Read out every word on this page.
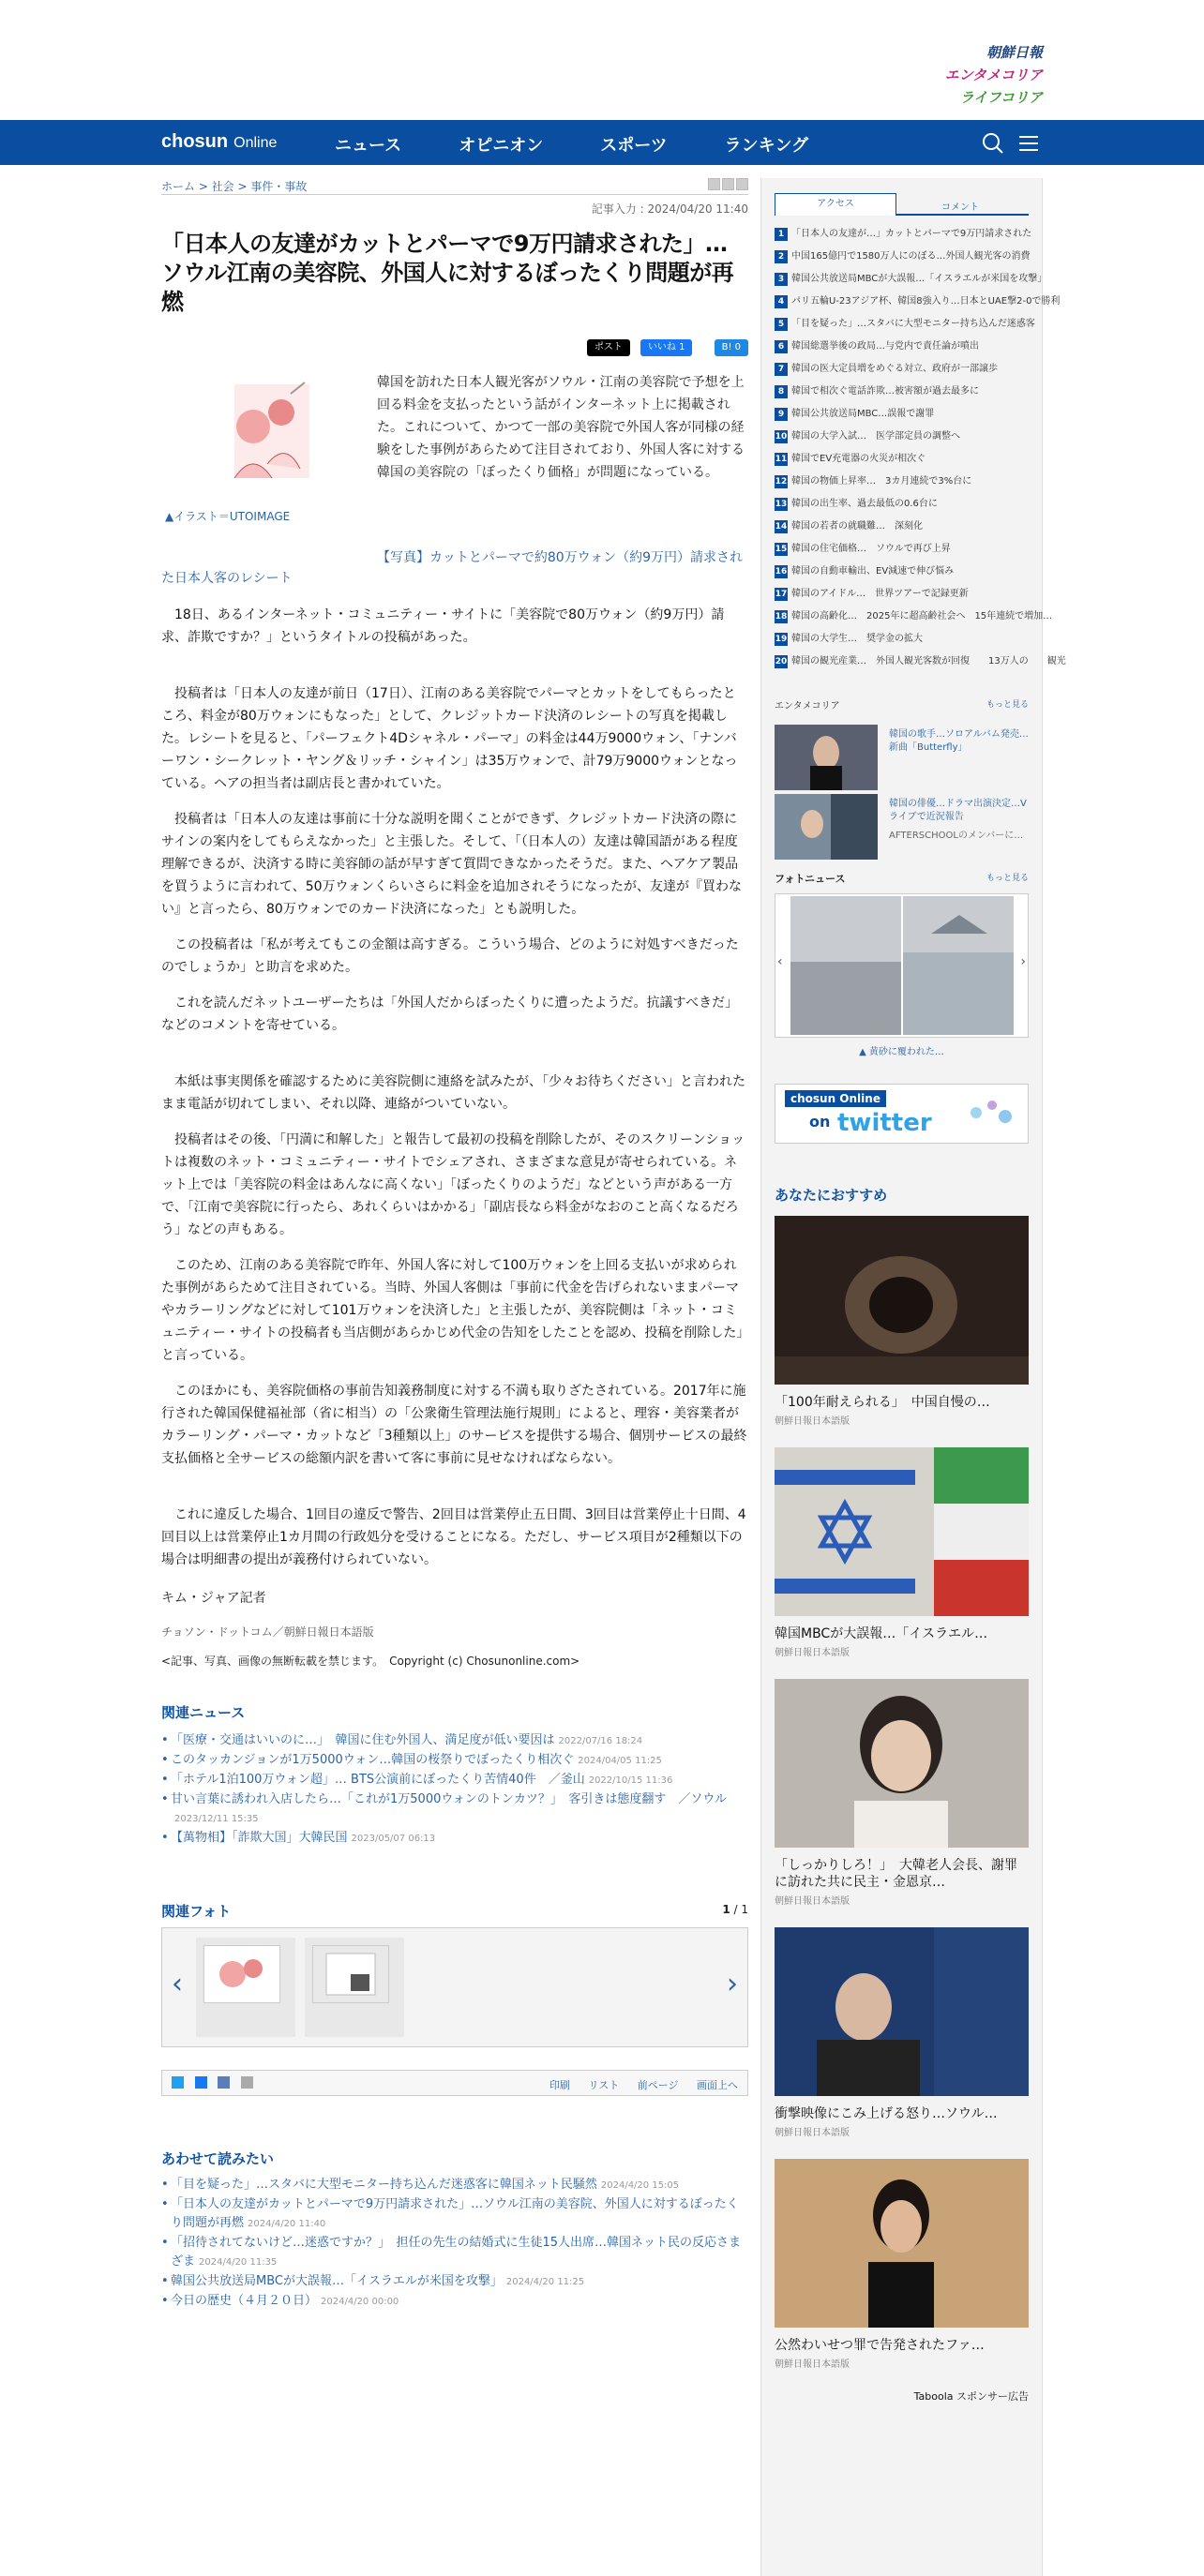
朝鮮日報
エンタメコリア
ライフコリア
chosun Online	ニュース	オピニオン	スポーツ	ランキング
ホーム > 社会 > 事件・事故
記事入力 : 2024/04/20 11:40
「日本人の友達がカットとパーマで9万円請求された」…ソウル江南の美容院、外国人に対するぼったくり問題が再燃
ポスト	いいね 1	B! 0
▲イラスト＝UTOIMAGE
韓国を訪れた日本人観光客がソウル・江南の美容院で予想を上回る料金を支払ったという話がインターネット上に掲載された。これについて、かつて一部の美容院で外国人客が同様の経験をした事例があらためて注目されており、外国人客に対する韓国の美容院の「ぼったくり価格」が問題になっている。
【写真】カットとパーマで約80万ウォン（約9万円）請求された日本人客のレシート

18日、あるインターネット・コミュニティー・サイトに「美容院で80万ウォン（約9万円）請求、詐欺ですか？」というタイトルの投稿があった。

投稿者は「日本人の友達が前日（17日）、江南のある美容院でパーマとカットをしてもらったところ、料金が80万ウォンにもなった」として、クレジットカード決済のレシートの写真を掲載した。レシートを見ると、「パーフェクト4Dシャネル・パーマ」の料金は44万9000ウォン、「ナンバーワン・シークレット・ヤング＆リッチ・シャイン」は35万ウォンで、計79万9000ウォンとなっている。ヘアの担当者は副店長と書かれていた。

投稿者は「日本人の友達は事前に十分な説明を聞くことができず、クレジットカード決済の際にサインの案内をしてもらえなかった」と主張した。そして、「（日本人の）友達は韓国語がある程度理解できるが、決済する時に美容師の話が早すぎて質問できなかったそうだ。また、ヘアケア製品を買うように言われて、50万ウォンくらいさらに料金を追加されそうになったが、友達が『買わない』と言ったら、80万ウォンでのカード決済になった」とも説明した。

この投稿者は「私が考えてもこの金額は高すぎる。こういう場合、どのように対処すべきだったのでしょうか」と助言を求めた。

これを読んだネットユーザーたちは「外国人だからぼったくりに遭ったようだ。抗議すべきだ」などのコメントを寄せている。

本紙は事実関係を確認するために美容院側に連絡を試みたが、「少々お待ちください」と言われたまま電話が切れてしまい、それ以降、連絡がついていない。

投稿者はその後、「円満に和解した」と報告して最初の投稿を削除したが、そのスクリーンショットは複数のネット・コミュニティー・サイトでシェアされ、さまざまな意見が寄せられている。ネット上では「美容院の料金はあんなに高くない」「ぼったくりのようだ」などという声がある一方で、「江南で美容院に行ったら、あれくらいはかかる」「副店長なら料金がなおのこと高くなるだろう」などの声もある。

このため、江南のある美容院で昨年、外国人客に対して100万ウォンを上回る支払いが求められた事例があらためて注目されている。当時、外国人客側は「事前に代金を告げられないままパーマやカラーリングなどに対して101万ウォンを決済した」と主張したが、美容院側は「ネット・コミュニティー・サイトの投稿者も当店側があらかじめ代金の告知をしたことを認め、投稿を削除した」と言っている。

このほかにも、美容院価格の事前告知義務制度に対する不満も取りざたされている。2017年に施行された韓国保健福祉部（省に相当）の「公衆衛生管理法施行規則」によると、理容・美容業者がカラーリング・パーマ・カットなど「3種類以上」のサービスを提供する場合、個別サービスの最終支払価格と全サービスの総額内訳を書いて客に事前に見せなければならない。

これに違反した場合、1回目の違反で警告、2回目は営業停止五日間、3回目は営業停止十日間、4回目以上は営業停止1カ月間の行政処分を受けることになる。ただし、サービス項目が2種類以下の場合は明細書の提出が義務付けられていない。

キム・ジャア記者
チョソン・ドットコム／朝鮮日報日本語版
<記事、写真、画像の無断転載を禁じます。　Copyright (c) Chosunonline.com>
関連ニュース
• 「医療・交通はいいのに…」　韓国に住む外国人、満足度が低い要因は 2022/07/16 18:24
• このタッカンジョンが1万5000ウォン…韓国の桜祭りでぼったくり相次ぐ 2024/04/05 11:25
• 「ホテル1泊100万ウォン超」… BTS公演前にぼったくり苦情40件　／釜山 2022/10/15 11:36
• 甘い言葉に誘われ入店したら…「これが1万5000ウォンのトンカツ？」　客引きは態度翻す　／ソウル2023/12/11 15:35
• 【萬物相】「詐欺大国」大韓民国 2023/05/07 06:13
関連フォト	1 / 1
‹	›

印刷 リスト 前ページ 画面上へ
あわせて読みたい
• 「目を疑った」…スタバに大型モニター持ち込んだ迷惑客に韓国ネット民騒然 2024/4/20 15:05
• 「日本人の友達がカットとパーマで9万円請求された」…ソウル江南の美容院、外国人に対するぼったくり問題が再燃 2024/4/20 11:40
• 「招待されてないけど…迷惑ですか？」　担任の先生の結婚式に生徒15人出席…韓国ネット民の反応さまざま 2024/4/20 11:35
• 韓国公共放送局MBCが大誤報…「イスラエルが米国を攻撃」 2024/4/20 11:25
• 今日の歴史（４月２０日） 2024/4/20 00:00
アクセス	コメント
1 「日本人の友達が…」カットとパーマで9万円請求された
2 中国165億円で1580万人にのぼる…外国人観光客の消費
3 韓国公共放送局MBCが大誤報…「イスラエルが米国を攻撃」
4 パリ五輪U-23アジア杯、韓国8強入り…日本とUAE撃2-0で勝利
5 「目を疑った」…スタバに大型モニター持ち込んだ迷惑客
6 韓国総選挙後の政局…与党内で責任論が噴出
7 韓国の医大定員増をめぐる対立、政府が一部譲歩
8 韓国で相次ぐ電話詐欺…被害額が過去最多に
9 韓国公共放送局MBC…誤報で謝罪
10 韓国の大学入試…　医学部定員の調整へ
11 韓国でEV充電器の火災が相次ぐ
12 韓国の物価上昇率…　3カ月連続で3%台に
13 韓国の出生率、過去最低の0.6台に
14 韓国の若者の就職難…　深刻化
15 韓国の住宅価格…　ソウルで再び上昇
16 韓国の自動車輸出、EV減速で伸び悩み
17 韓国のアイドル…　世界ツアーで記録更新
18 韓国の高齢化…　2025年に超高齢社会へ　15年連続で増加…
19 韓国の大学生…　奨学金の拡大
20 韓国の観光産業…　外国人観光客数が回復　　13万人の　　観光
エンタメコリア	もっと見る
韓国の歌手…ソロアルバム発売…新曲「Butterfly」
韓国の俳優…ドラマ出演決定…Vライブで近況報告
AFTERSCHOOLのメンバーに…
フォトニュース	もっと見る
‹	›
▲ 黄砂に覆われた…
chosun Online
on twitter
あなたにおすすめ
「100年耐えられる」　中国自慢の…
朝鮮日報日本語版
韓国MBCが大誤報…「イスラエル…
朝鮮日報日本語版
「しっかりしろ！」　大韓老人会長、謝罪に訪れた共に民主・金恩京…
朝鮮日報日本語版
衝撃映像にこみ上げる怒り…ソウル…
朝鮮日報日本語版
公然わいせつ罪で告発されたファ…
朝鮮日報日本語版
Taboola スポンサー広告
